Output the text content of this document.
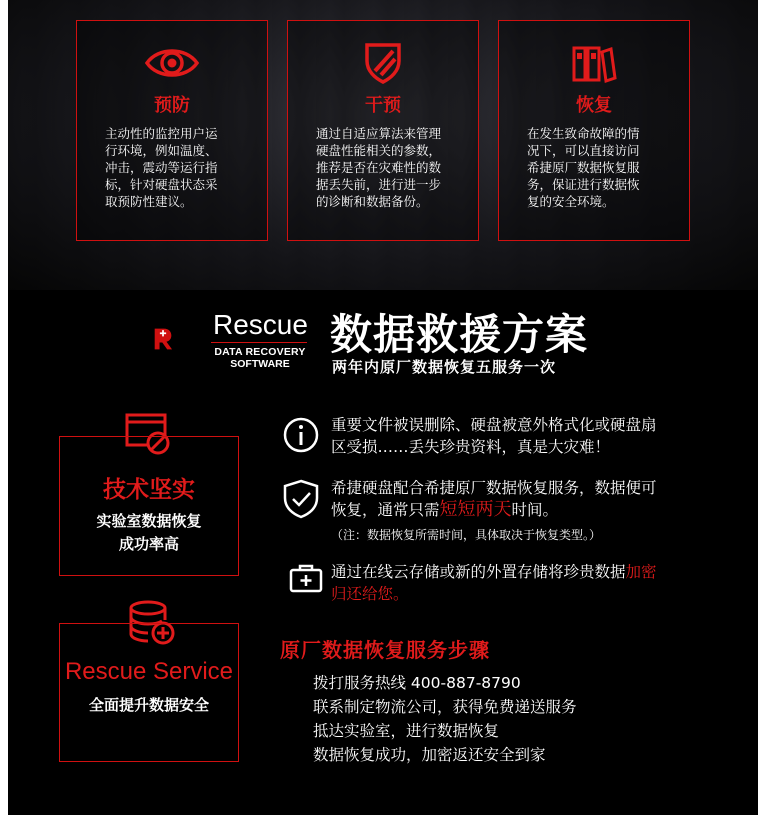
预防
主动性的监控用户运
行环境，例如温度、
冲击，震动等运行指
标，针对硬盘状态采
取预防性建议。
干预
通过自适应算法来管理
硬盘性能相关的参数，
推荐是否在灾难性的数
据丢失前，进行进一步
的诊断和数据备份。
恢复
在发生致命故障的情
况下，可以直接访问
希捷原厂数据恢复服
务，保证进行数据恢
复的安全环境。
Rescue
DATA RECOVERY
SOFTWARE
数据救援方案
两年内原厂数据恢复五服务一次
技术坚实
实验室数据恢复
成功率高
Rescue Service
全面提升数据安全
重要文件被误删除、硬盘被意外格式化或硬盘扇
区受损……丢失珍贵资料，真是大灾难！
希捷硬盘配合希捷原厂数据恢复服务，数据便可
恢复，通常只需短短两天时间。
（注：数据恢复所需时间，具体取决于恢复类型。）
通过在线云存储或新的外置存储将珍贵数据加密
归还给您。
原厂数据恢复服务步骤
拨打服务热线 400-887-8790
联系制定物流公司，获得免费递送服务
抵达实验室，进行数据恢复
数据恢复成功，加密返还安全到家
